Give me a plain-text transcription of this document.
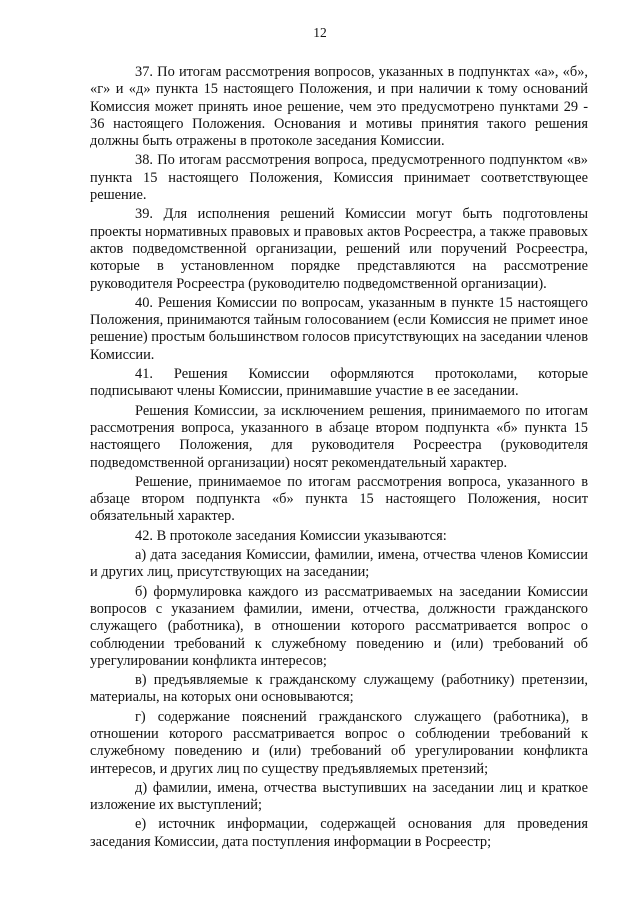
12

37. По итогам рассмотрения вопросов, указанных в подпунктах «а», «б», «г» и «д» пункта 15 настоящего Положения, и при наличии к тому оснований Комиссия может принять иное решение, чем это предусмотрено пунктами 29 - 36 настоящего Положения. Основания и мотивы принятия такого решения должны быть отражены в протоколе заседания Комиссии.

38. По итогам рассмотрения вопроса, предусмотренного подпунктом «в» пункта 15 настоящего Положения, Комиссия принимает соответствующее решение.

39. Для исполнения решений Комиссии могут быть подготовлены проекты нормативных правовых и правовых актов Росреестра, а также правовых актов подведомственной организации, решений или поручений Росреестра, которые в установленном порядке представляются на рассмотрение руководителя Росреестра (руководителю подведомственной организации).

40. Решения Комиссии по вопросам, указанным в пункте 15 настоящего Положения, принимаются тайным голосованием (если Комиссия не примет иное решение) простым большинством голосов присутствующих на заседании членов Комиссии.

41. Решения Комиссии оформляются протоколами, которые подписывают члены Комиссии, принимавшие участие в ее заседании.

Решения Комиссии, за исключением решения, принимаемого по итогам рассмотрения вопроса, указанного в абзаце втором подпункта «б» пункта 15 настоящего Положения, для руководителя Росреестра (руководителя подведомственной организации) носят рекомендательный характер.

Решение, принимаемое по итогам рассмотрения вопроса, указанного в абзаце втором подпункта «б» пункта 15 настоящего Положения, носит обязательный характер.

42. В протоколе заседания Комиссии указываются:

а) дата заседания Комиссии, фамилии, имена, отчества членов Комиссии и других лиц, присутствующих на заседании;

б) формулировка каждого из рассматриваемых на заседании Комиссии вопросов с указанием фамилии, имени, отчества, должности гражданского служащего (работника), в отношении которого рассматривается вопрос о соблюдении требований к служебному поведению и (или) требований об урегулировании конфликта интересов;

в) предъявляемые к гражданскому служащему (работнику) претензии, материалы, на которых они основываются;

г) содержание пояснений гражданского служащего (работника), в отношении которого рассматривается вопрос о соблюдении требований к служебному поведению и (или) требований об урегулировании конфликта интересов, и других лиц по существу предъявляемых претензий;

д) фамилии, имена, отчества выступивших на заседании лиц и краткое изложение их выступлений;

е) источник информации, содержащей основания для проведения заседания Комиссии, дата поступления информации в Росреестр;
